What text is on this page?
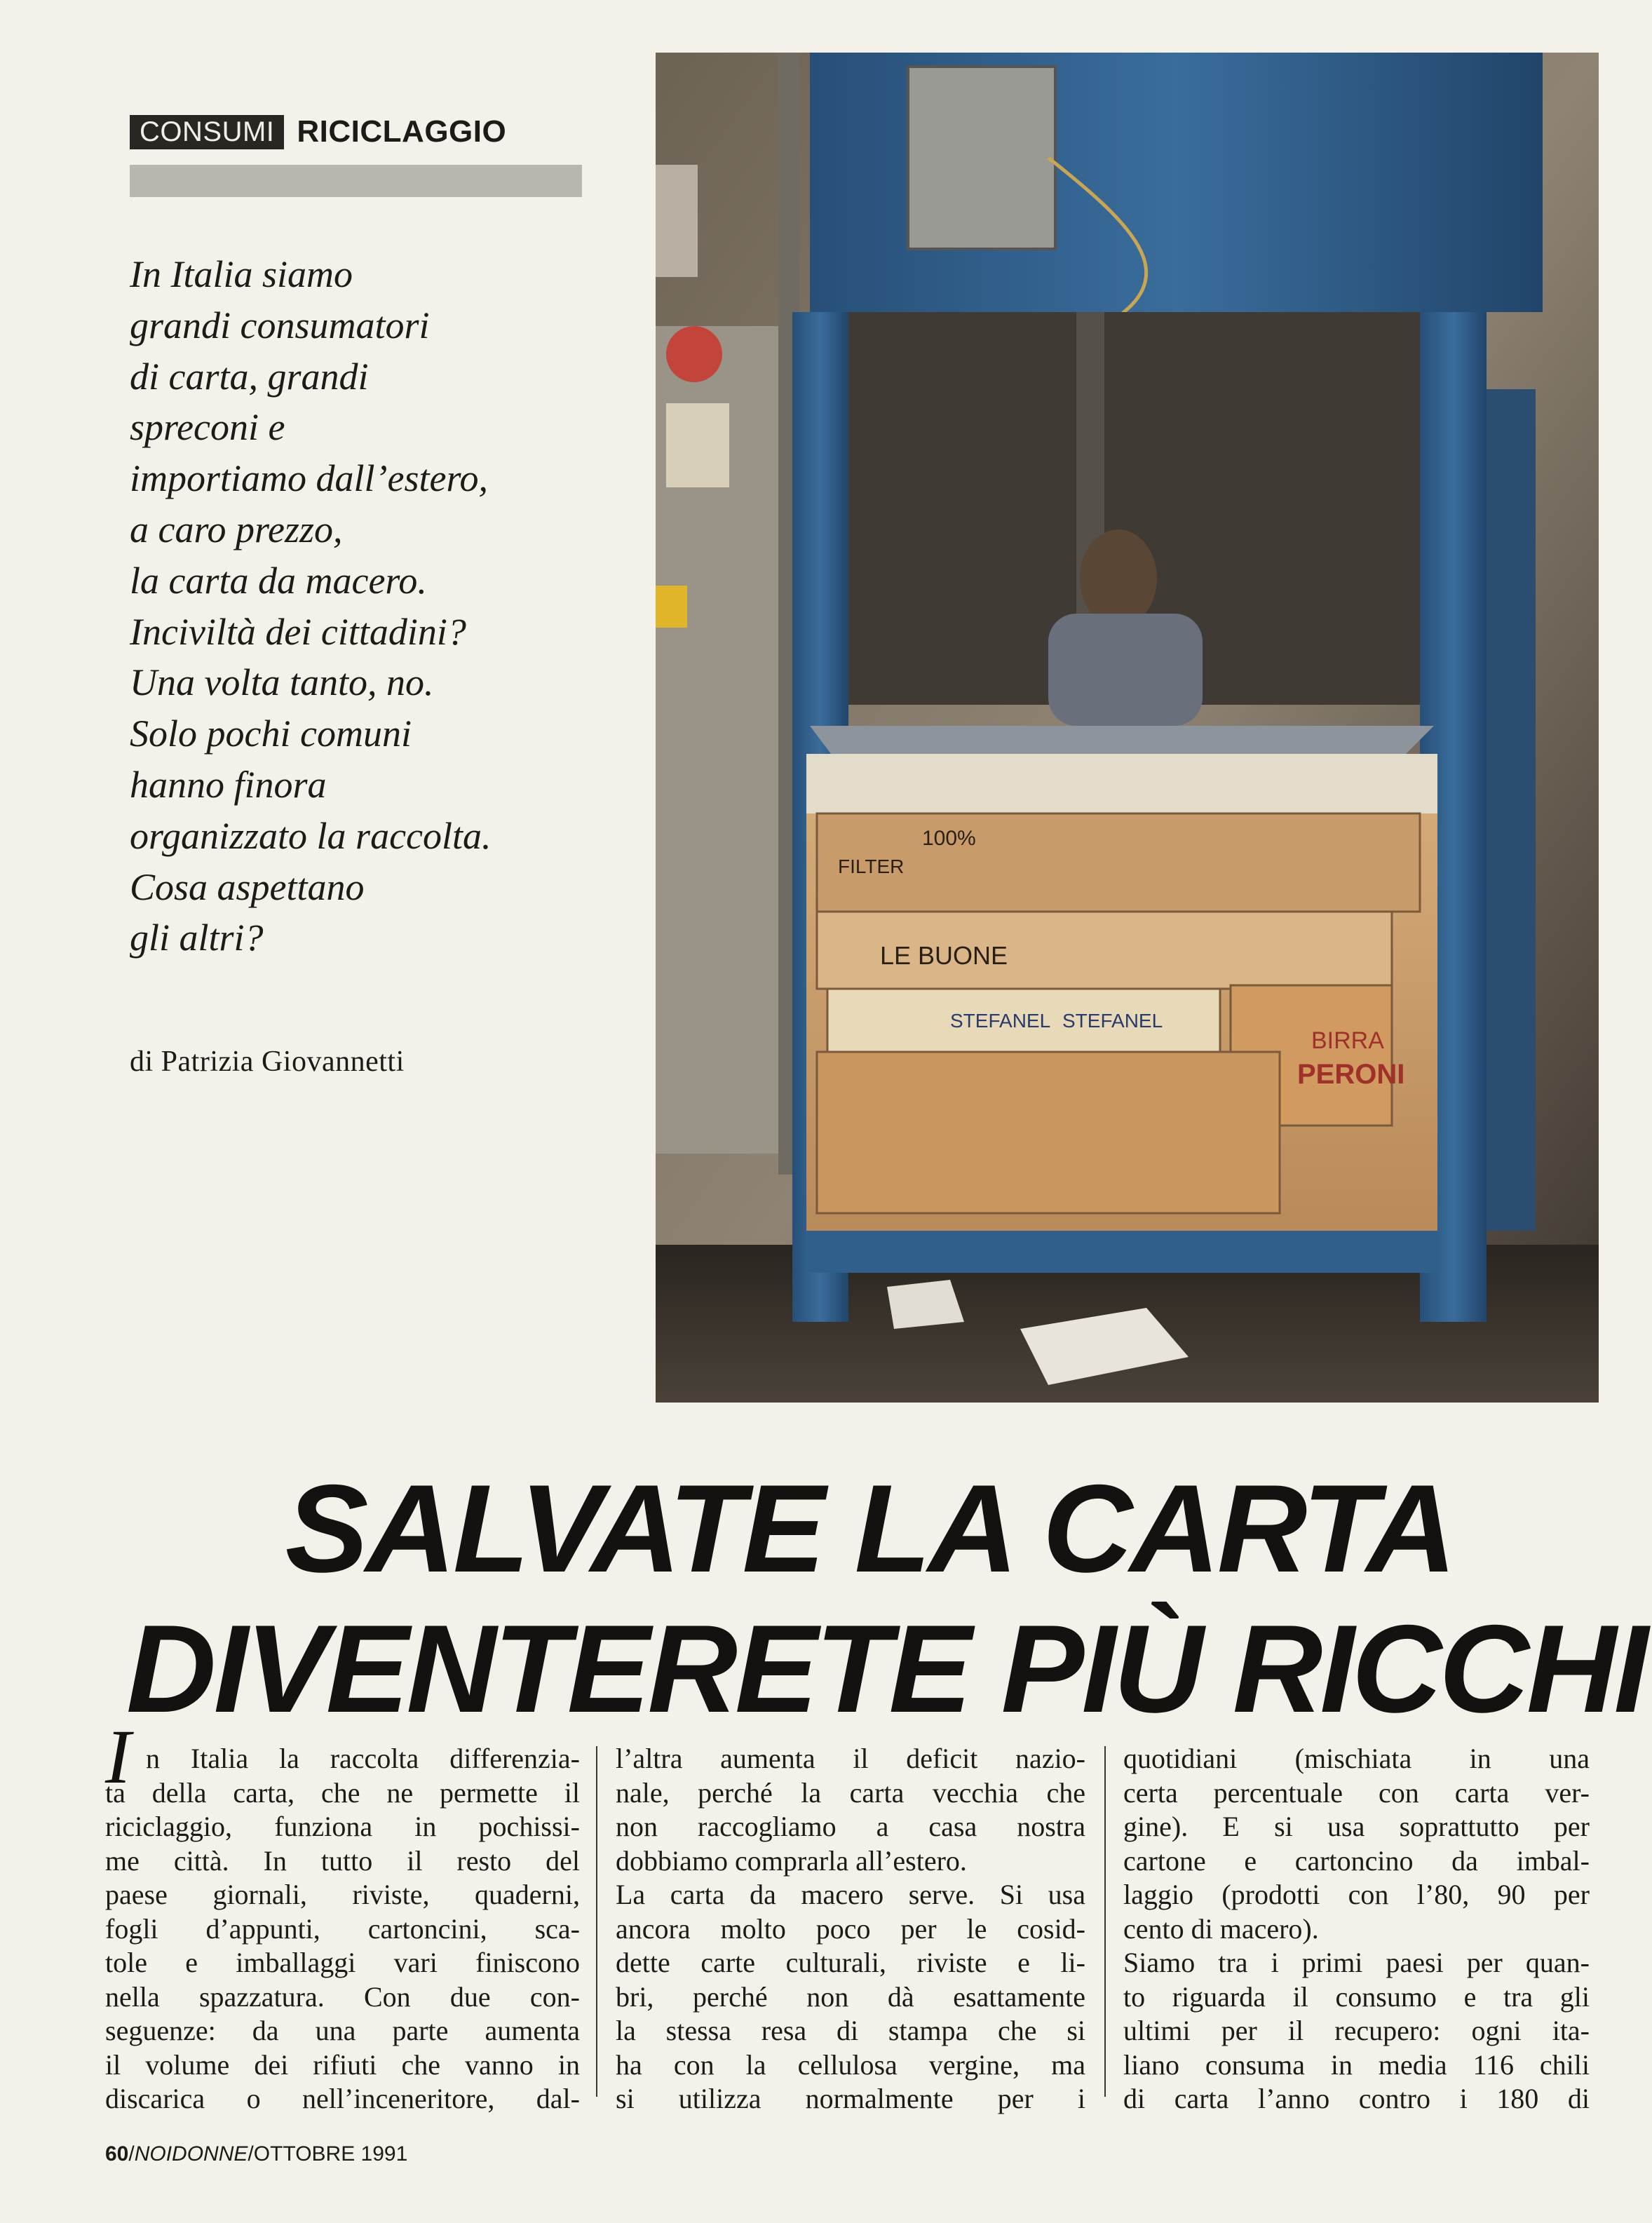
CONSUMI RICICLAGGIO
In Italia siamo
grandi consumatori
di carta, grandi
spreconi e
importiamo dall’estero,
a caro prezzo,
la carta da macero.
Inciviltà dei cittadini?
Una volta tanto, no.
Solo pochi comuni
hanno finora
organizzato la raccolta.
Cosa aspettano
gli altri?
di Patrizia Giovannetti
LE BUONE
STEFANEL
STEFANEL
BIRRA
PERONI
FILTER
100%
SALVATE LA CARTA
DIVENTERETE PIÙ RICCHI
I n Italia la raccolta differenzia-
ta della carta, che ne permette il
riciclaggio, funziona in pochissi-
me città. In tutto il resto del
paese giornali, riviste, quaderni,
fogli d’appunti, cartoncini, sca-
tole e imballaggi vari finiscono
nella spazzatura. Con due con-
seguenze: da una parte aumenta
il volume dei rifiuti che vanno in
discarica o nell’inceneritore, dal-
l’altra aumenta il deficit nazio-
nale, perché la carta vecchia che
non raccogliamo a casa nostra
dobbiamo comprarla all’estero.
La carta da macero serve. Si usa
ancora molto poco per le cosid-
dette carte culturali, riviste e li-
bri, perché non dà esattamente
la stessa resa di stampa che si
ha con la cellulosa vergine, ma
si utilizza normalmente per i
quotidiani (mischiata in una
certa percentuale con carta ver-
gine). E si usa soprattutto per
cartone e cartoncino da imbal-
laggio (prodotti con l’80, 90 per
cento di macero).
Siamo tra i primi paesi per quan-
to riguarda il consumo e tra gli
ultimi per il recupero: ogni ita-
liano consuma in media 116 chili
di carta l’anno contro i 180 di
60/NOIDONNE/OTTOBRE 1991
